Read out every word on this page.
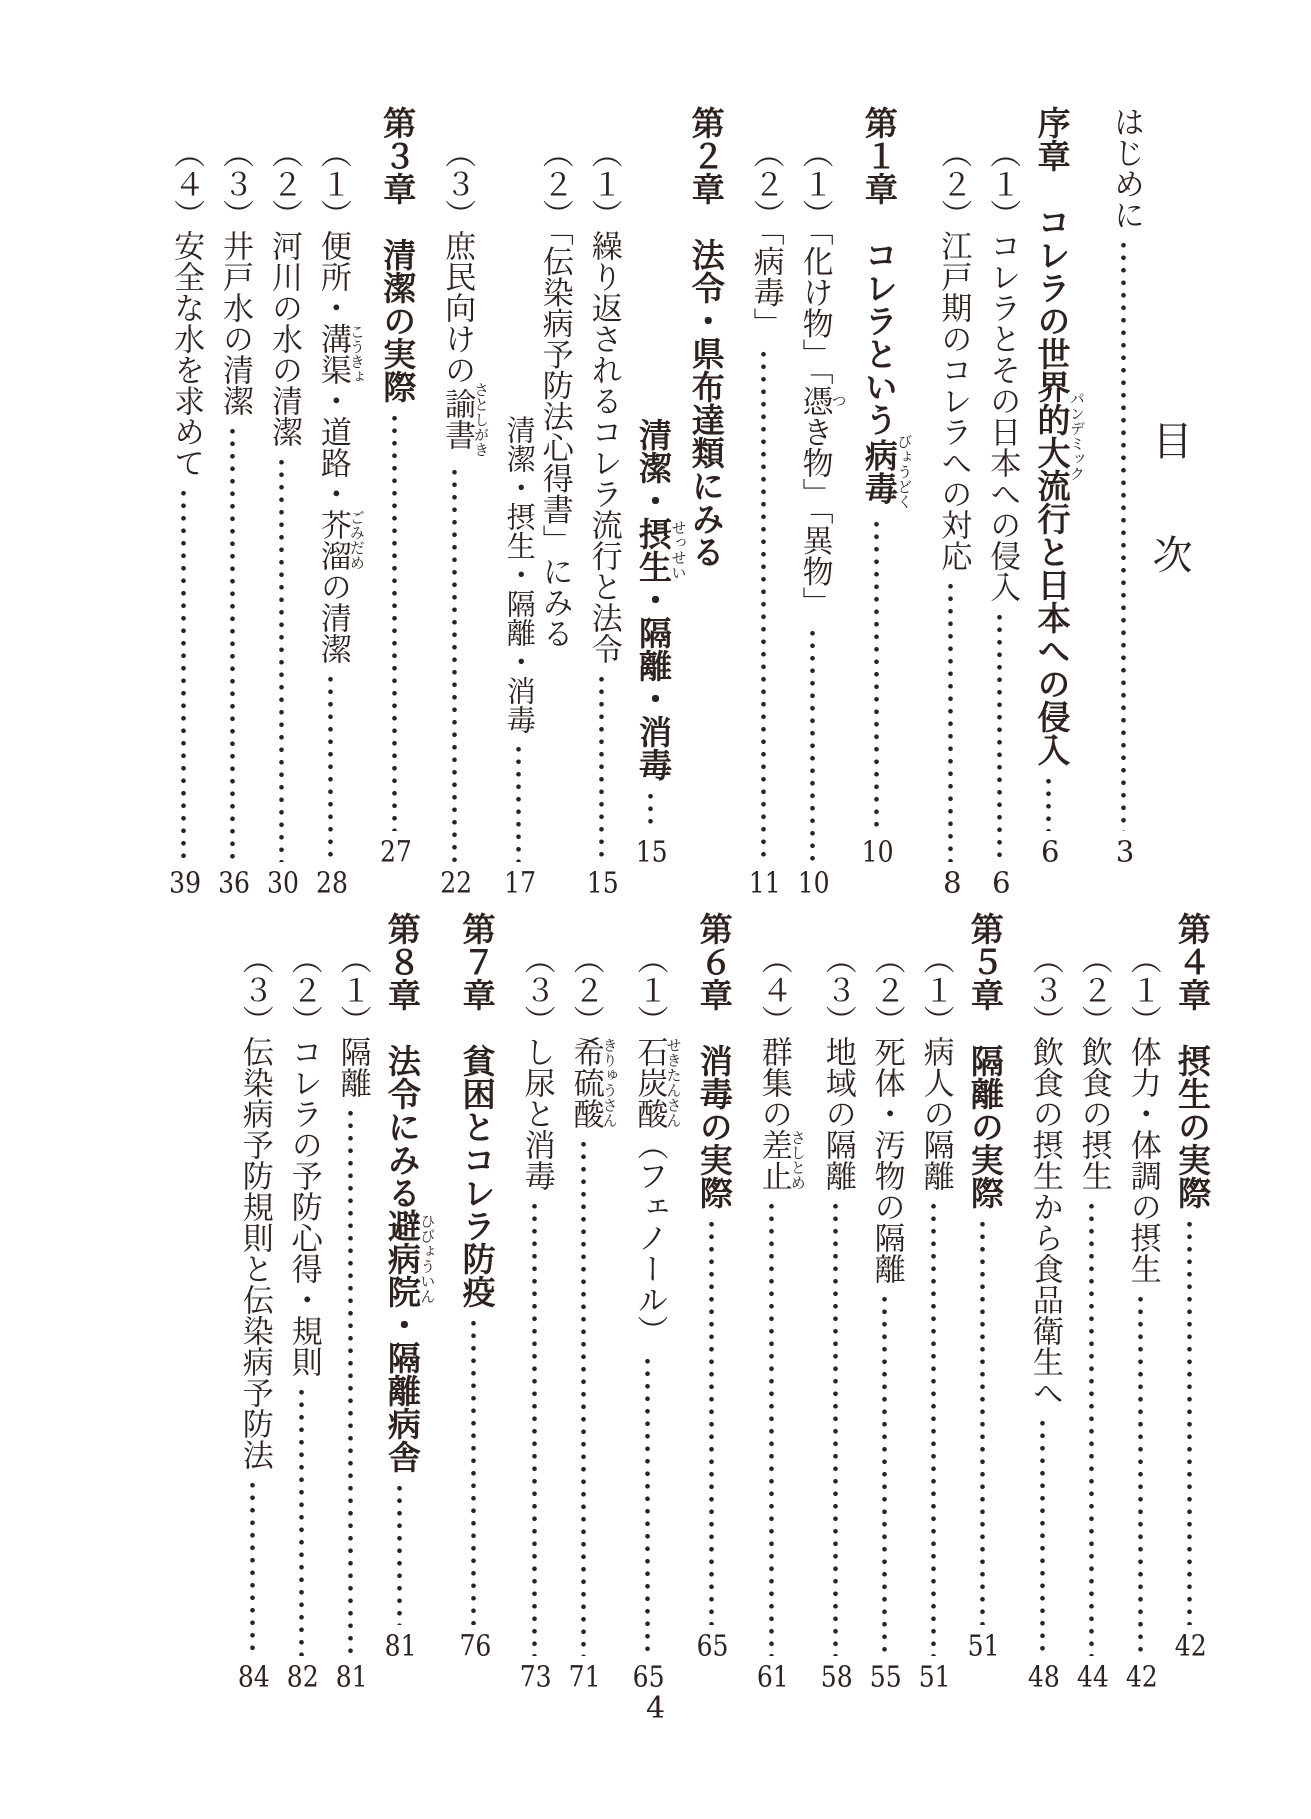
目　次
はじめに
3
序章　コレラの世界的大流行パンデミックと日本への侵入
6
（１）コレラとその日本への侵入
6
（２）江戸期のコレラへの対応
8
第１章　コレラという病毒びょうどく
10
（１）「化け物」「憑つき物」「異物」
10
（２）「病毒」
11
第２章　法令・県布達類にみる
清潔・摂生せっせい・隔離・消毒
15
（１）繰り返されるコレラ流行と法令
15
（２）「伝染病予防法心得書」にみる
清潔・摂生・隔離・消毒
17
（３）庶民向けの諭書さとしがき
22
第３章　清潔の実際
27
（１）便所・溝渠こうきょ・道路・芥溜ごみだめの清潔
28
（２）河川の水の清潔
30
（３）井戸水の清潔
36
（４）安全な水を求めて
39
第４章　摂生の実際
42
（１）体力・体調の摂生
42
（２）飲食の摂生
44
（３）飲食の摂生から食品衛生へ
48
第５章　隔離の実際
51
（１）病人の隔離
51
（２）死体・汚物の隔離
55
（３）地域の隔離
58
（４）群集の差止さしとめ
61
第６章　消毒の実際
65
（１）石炭酸せきたんさん（フェノール）
65
（２）希硫酸きりゅうさん
71
（３）し尿と消毒
73
第７章　貧困とコレラ防疫
76
第８章　法令にみる避病院ひびょういん・隔離病舎
81
（１）隔離
81
（２）コレラの予防心得・規則
82
（３）伝染病予防規則と伝染病予防法
84
4
